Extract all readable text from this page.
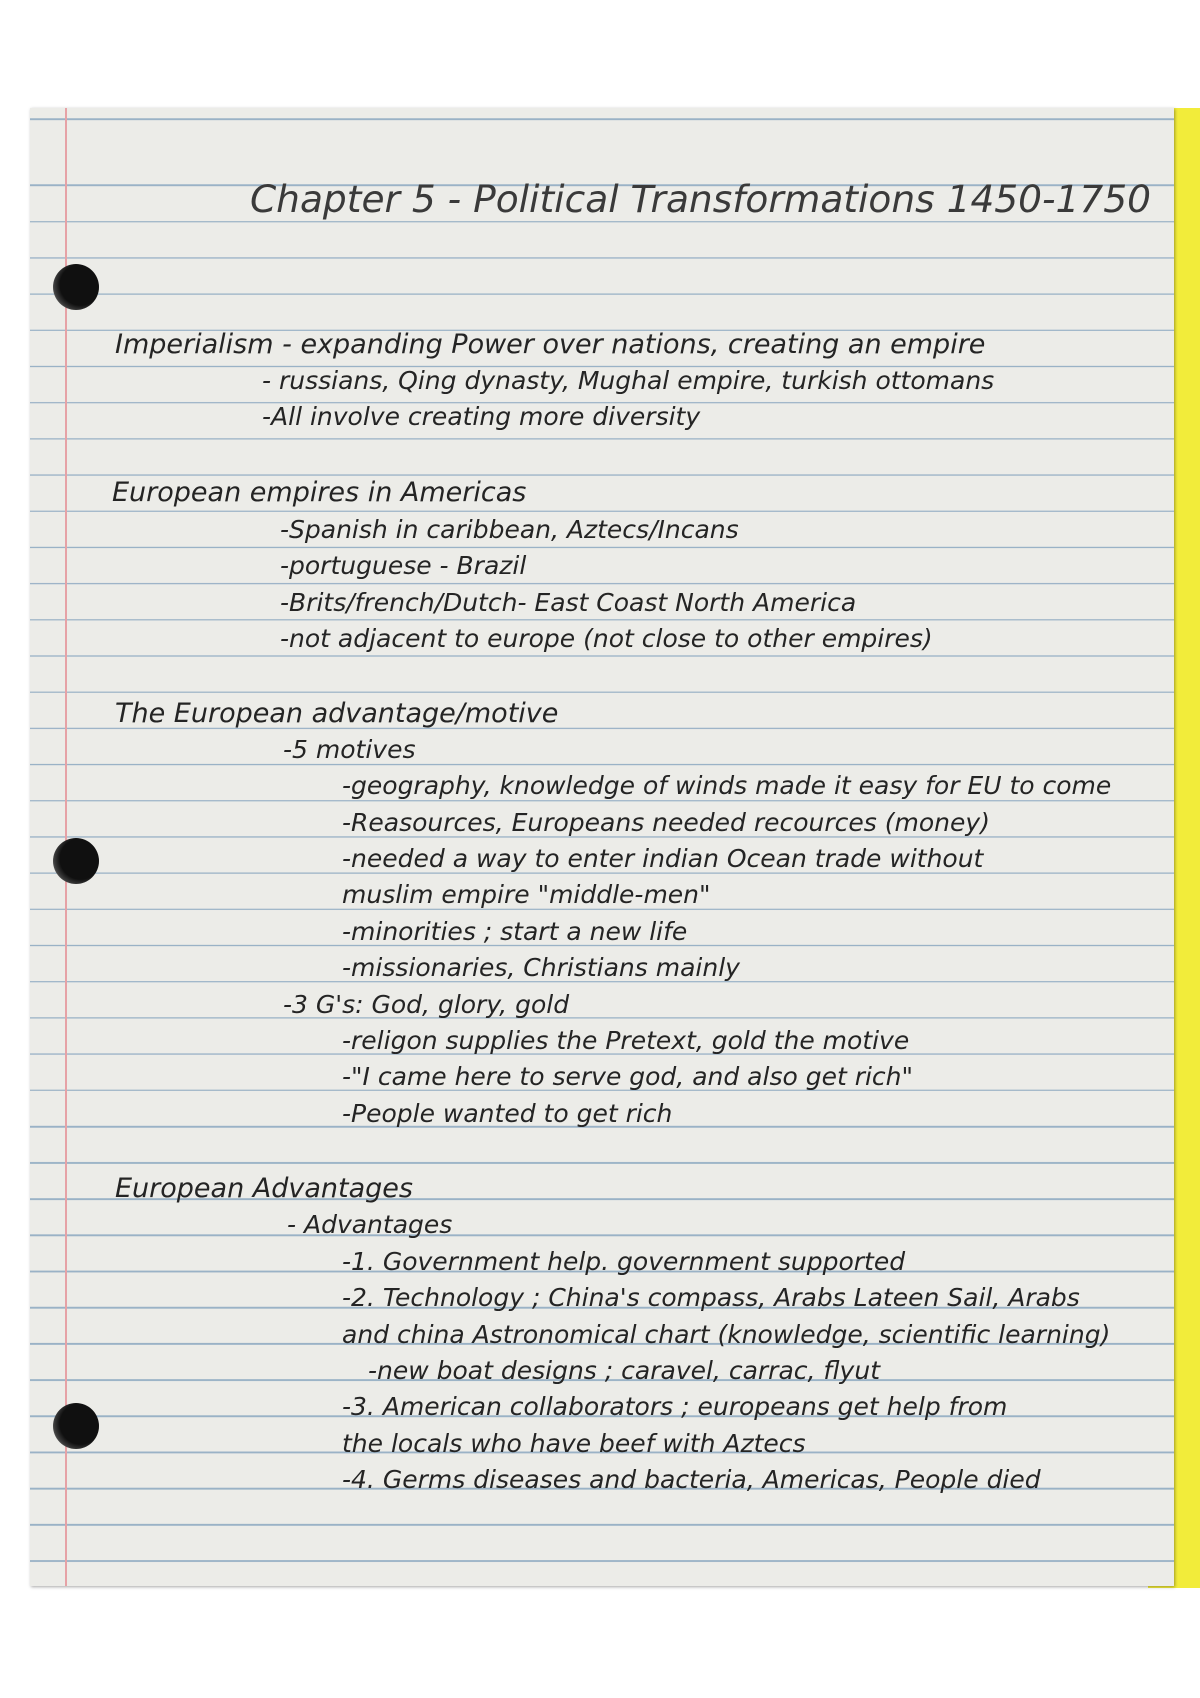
Chapter 5 - Political Transformations 1450-1750
Imperialism - expanding Power over nations, creating an empire
- russians, Qing dynasty, Mughal empire, turkish ottomans
-All involve creating more diversity
European empires in Americas
-Spanish in caribbean, Aztecs/Incans
-portuguese - Brazil
-Brits/french/Dutch- East Coast North America
-not adjacent to europe (not close to other empires)
The European advantage/motive
-5 motives
-geography, knowledge of winds made it easy for EU to come
-Reasources, Europeans needed recources (money)
-needed a way to enter indian Ocean trade without
muslim empire "middle-men"
-minorities ; start a new life
-missionaries, Christians mainly
-3 G's: God, glory, gold
-religon supplies the Pretext, gold the motive
-"I came here to serve god, and also get rich"
-People wanted to get rich
European Advantages
- Advantages
-1. Government help. government supported
-2. Technology ; China's compass, Arabs Lateen Sail, Arabs
and china Astronomical chart (knowledge, scientific learning)
-new boat designs ; caravel, carrac, flyut
-3. American collaborators ; europeans get help from
the locals who have beef with Aztecs
-4. Germs diseases and bacteria, Americas, People died
